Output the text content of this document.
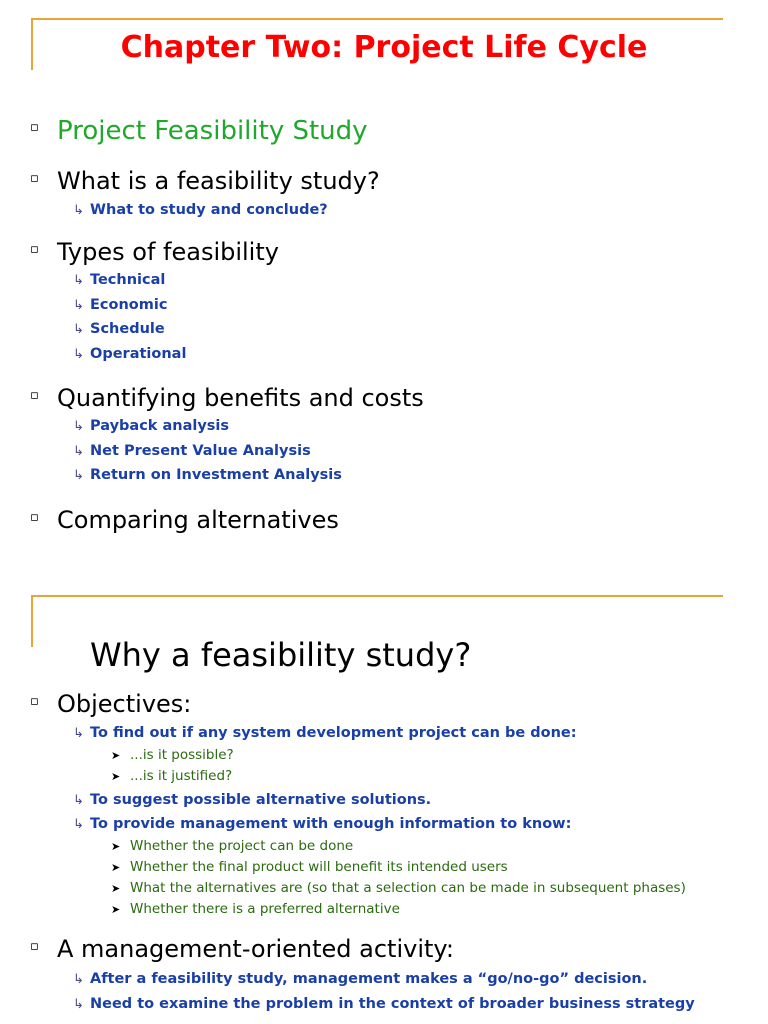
Chapter Two: Project Life Cycle
▫ Project Feasibility Study
▫ What is a feasibility study?
↳ What to study and conclude?
▫ Types of feasibility
↳ Technical
↳ Economic
↳ Schedule
↳ Operational
▫ Quantifying benefits and costs
↳ Payback analysis
↳ Net Present Value Analysis
↳ Return on Investment Analysis
▫ Comparing alternatives
Why a feasibility study?
▫ Objectives:
↳ To find out if any system development project can be done:
➤ ...is it possible?
➤ ...is it justified?
↳ To suggest possible alternative solutions.
↳ To provide management with enough information to know:
➤ Whether the project can be done
➤ Whether the final product will benefit its intended users
➤ What the alternatives are (so that a selection can be made in subsequent phases)
➤ Whether there is a preferred alternative
▫ A management-oriented activity:
↳ After a feasibility study, management makes a “go/no-go” decision.
↳ Need to examine the problem in the context of broader business strategy
